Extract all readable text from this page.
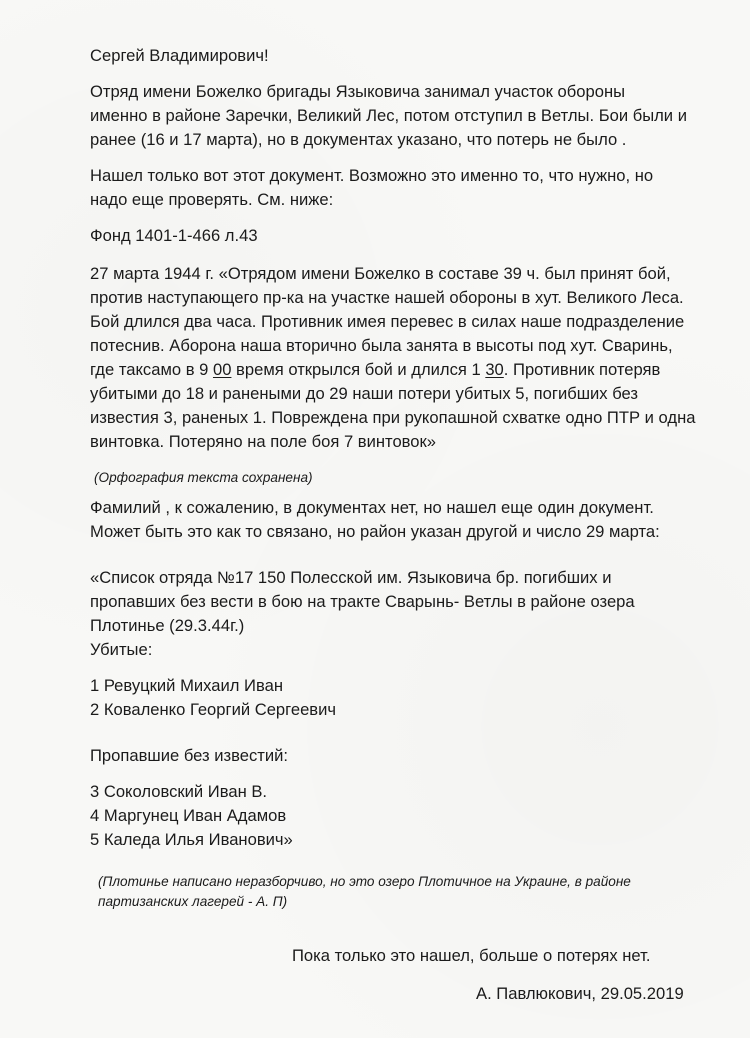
Сергей Владимирович!
Отряд имени Божелко бригады Языковича занимал участок обороны
именно в районе Заречки, Великий Лес, потом отступил в Ветлы. Бои были и
ранее (16 и 17 марта), но в документах указано, что потерь не было .
Нашел только вот этот документ. Возможно это именно то, что нужно, но
надо еще проверять. См. ниже:
Фонд 1401-1-466 л.43
27 марта 1944 г. «Отрядом имени Божелко в составе 39 ч. был принят бой,
против наступающего пр-ка на участке нашей обороны в хут. Великого Леса.
Бой длился два часа. Противник имея перевес в силах наше подразделение
потеснив. Аборона наша вторично была занята в высоты под хут. Сваринь,
где таксамо в 9 00 время открылся бой и длился 1 30. Противник потеряв
убитыми до 18 и ранеными до 29 наши потери убитых 5, погибших без
известия 3, раненых 1. Повреждена при рукопашной схватке одно ПТР и одна
винтовка. Потеряно на поле боя 7 винтовок»
(Орфография текста сохранена)
Фамилий , к сожалению, в документах нет, но нашел еще один документ.
Может быть это как то связано, но район указан другой и число 29 марта:
«Список отряда №17 150 Полесской им. Языковича бр. погибших и
пропавших без вести в бою на тракте Сварынь- Ветлы в районе озера
Плотинье (29.3.44г.)
Убитые:
1 Ревуцкий Михаил Иван
2 Коваленко Георгий Сергеевич
Пропавшие без известий:
3 Соколовский Иван В.
4 Маргунец Иван Адамов
5 Каледа Илья Иванович»
(Плотинье написано неразборчиво, но это озеро Плотичное на Украине, в районе
партизанских лагерей - А. П)
Пока только это нашел, больше о потерях нет.
А. Павлюкович, 29.05.2019
